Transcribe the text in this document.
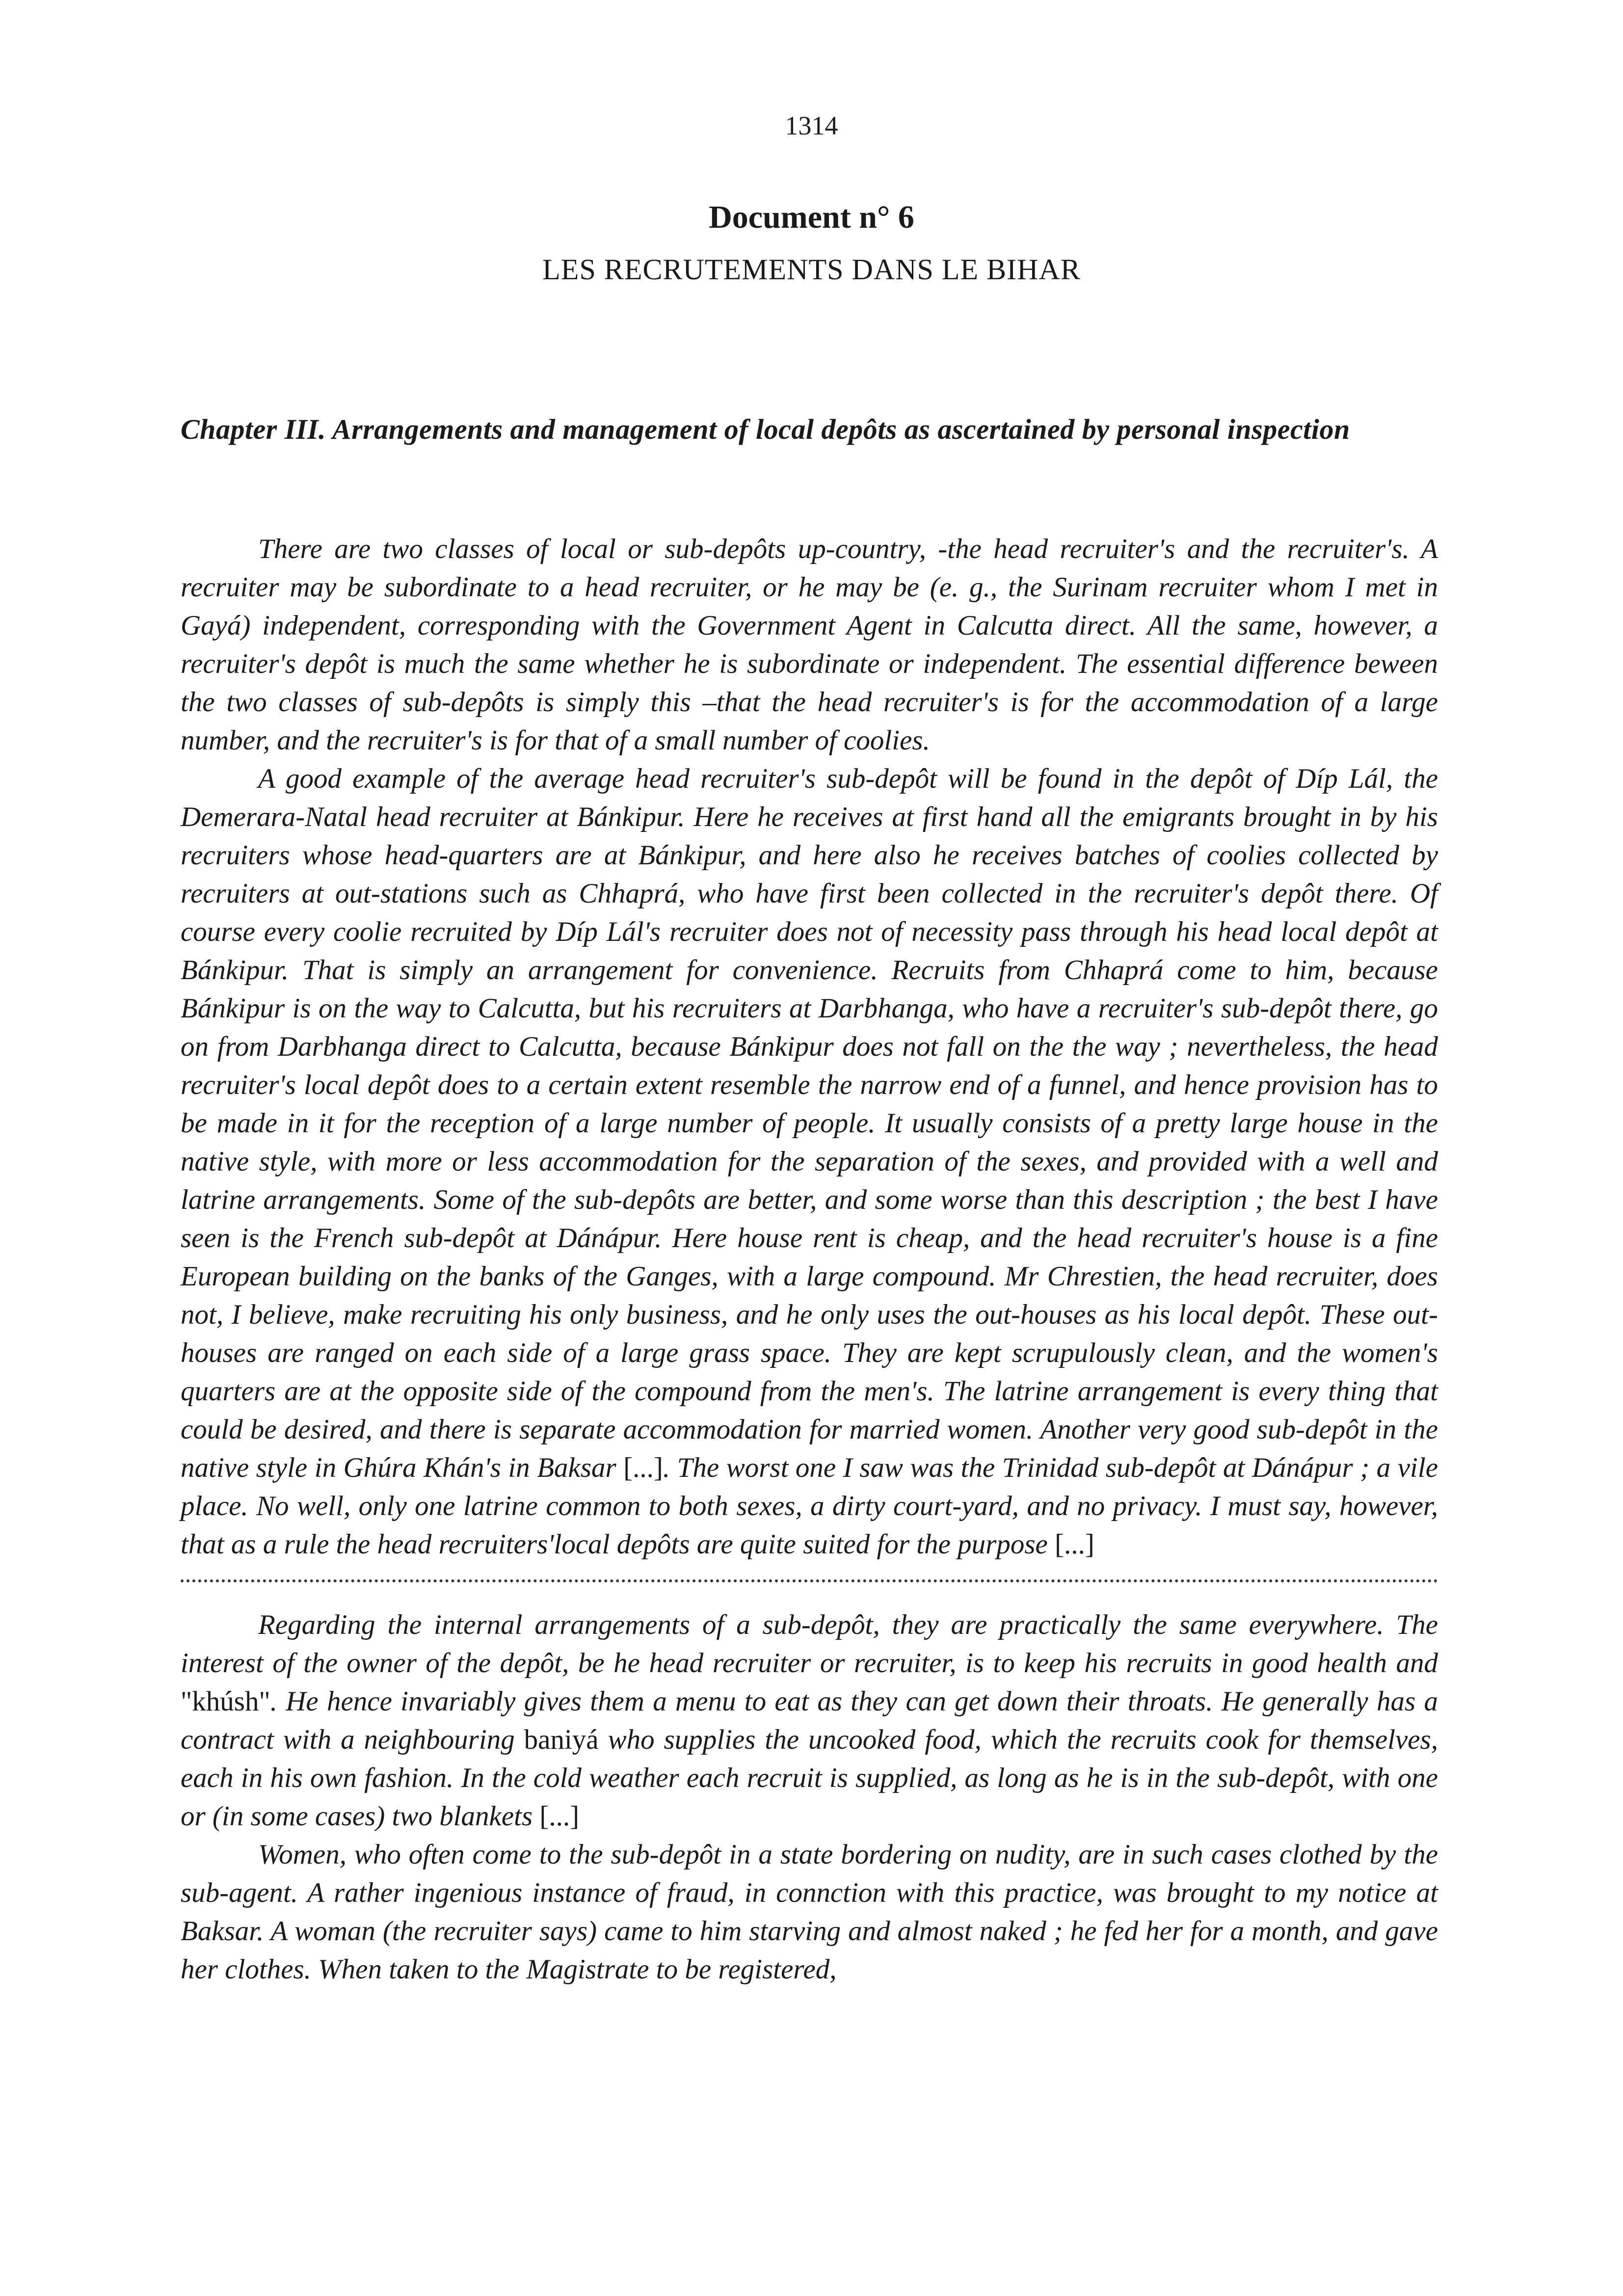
1314
Document n° 6
LES RECRUTEMENTS DANS LE BIHAR
Chapter III. Arrangements and management of local depôts as ascertained by personal inspection

There are two classes of local or sub-depôts up-country, -the head recruiter's and the recruiter's. A recruiter may be subordinate to a head recruiter, or he may be (e. g., the Surinam recruiter whom I met in Gayá) independent, corresponding with the Government Agent in Calcutta direct. All the same, however, a recruiter's depôt is much the same whether he is subordinate or independent. The essential difference beween the two classes of sub-depôts is simply this –that the head recruiter's is for the accommodation of a large number, and the recruiter's is for that of a small number of coolies.

A good example of the average head recruiter's sub-depôt will be found in the depôt of Díp Lál, the Demerara-Natal head recruiter at Bánkipur. Here he receives at first hand all the emigrants brought in by his recruiters whose head-quarters are at Bánkipur, and here also he receives batches of coolies collected by recruiters at out-stations such as Chhaprá, who have first been collected in the recruiter's depôt there. Of course every coolie recruited by Díp Lál's recruiter does not of necessity pass through his head local depôt at Bánkipur. That is simply an arrangement for convenience. Recruits from Chhaprá come to him, because Bánkipur is on the way to Calcutta, but his recruiters at Darbhanga, who have a recruiter's sub-depôt there, go on from Darbhanga direct to Calcutta, because Bánkipur does not fall on the the way ; nevertheless, the head recruiter's local depôt does to a certain extent resemble the narrow end of a funnel, and hence provision has to be made in it for the reception of a large number of people. It usually consists of a pretty large house in the native style, with more or less accommodation for the separation of the sexes, and provided with a well and latrine arrangements. Some of the sub-depôts are better, and some worse than this description ; the best I have seen is the French sub-depôt at Dánápur. Here house rent is cheap, and the head recruiter's house is a fine European building on the banks of the Ganges, with a large compound. Mr Chrestien, the head recruiter, does not, I believe, make recruiting his only business, and he only uses the out-houses as his local depôt. These out-houses are ranged on each side of a large grass space. They are kept scrupulously clean, and the women's quarters are at the opposite side of the compound from the men's. The latrine arrangement is every thing that could be desired, and there is separate accommodation for married women. Another very good sub-depôt in the native style in Ghúra Khán's in Baksar [...]. The worst one I saw was the Trinidad sub-depôt at Dánápur ; a vile place. No well, only one latrine common to both sexes, a dirty court-yard, and no privacy. I must say, however, that as a rule the head recruiters'local depôts are quite suited for the purpose [...]

Regarding the internal arrangements of a sub-depôt, they are practically the same everywhere. The interest of the owner of the depôt, be he head recruiter or recruiter, is to keep his recruits in good health and "khúsh". He hence invariably gives them a menu to eat as they can get down their throats. He generally has a contract with a neighbouring baniyá who supplies the uncooked food, which the recruits cook for themselves, each in his own fashion. In the cold weather each recruit is supplied, as long as he is in the sub-depôt, with one or (in some cases) two blankets [...]

Women, who often come to the sub-depôt in a state bordering on nudity, are in such cases clothed by the sub-agent. A rather ingenious instance of fraud, in connction with this practice, was brought to my notice at Baksar. A woman (the recruiter says) came to him starving and almost naked ; he fed her for a month, and gave her clothes. When taken to the Magistrate to be registered,
